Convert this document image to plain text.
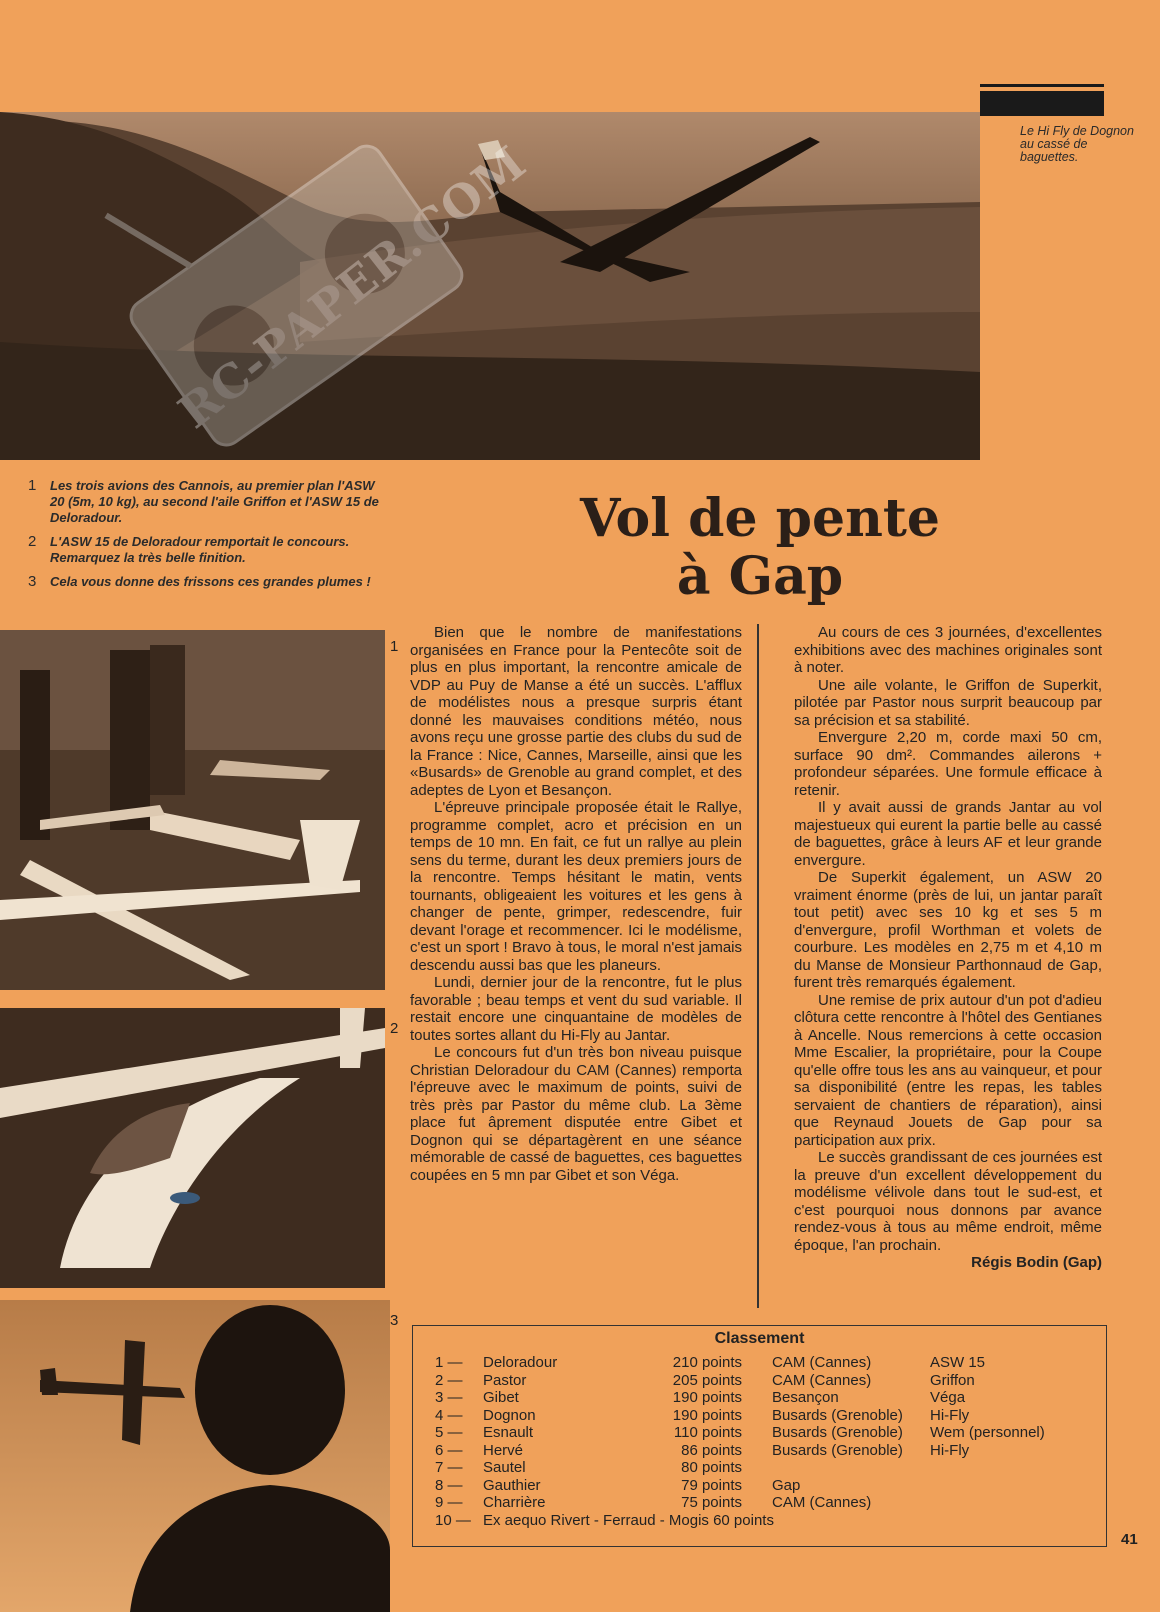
RC-PAPER.COM
Le Hi Fly de Dognon au cassé de baguettes.
1	Les trois avions des Cannois, au premier plan l'ASW 20 (5m, 10 kg), au second l'aile Griffon et l'ASW 15 de Deloradour.
2	L'ASW 15 de Deloradour remportait le concours. Remarquez la très belle finition.
3	Cela vous donne des frissons ces grandes plumes !
Vol de pente
à Gap
1
2
3

Bien que le nombre de manifestations organisées en France pour la Pentecôte soit de plus en plus important, la rencontre amicale de VDP au Puy de Manse a été un succès. L'afflux de modélistes nous a presque surpris étant donné les mauvaises conditions météo, nous avons reçu une grosse partie des clubs du sud de la France : Nice, Cannes, Marseille, ainsi que les «Busards» de Grenoble au grand complet, et des adeptes de Lyon et Besançon.

L'épreuve principale proposée était le Rallye, programme complet, acro et précision en un temps de 10 mn. En fait, ce fut un rallye au plein sens du terme, durant les deux premiers jours de la rencontre. Temps hésitant le matin, vents tournants, obligeaient les voitures et les gens à changer de pente, grimper, redescendre, fuir devant l'orage et recommencer. Ici le modélisme, c'est un sport ! Bravo à tous, le moral n'est jamais descendu aussi bas que les planeurs.

Lundi, dernier jour de la rencontre, fut le plus favorable ; beau temps et vent du sud variable. Il restait encore une cinquantaine de modèles de toutes sortes allant du Hi-Fly au Jantar.

Le concours fut d'un très bon niveau puisque Christian Deloradour du CAM (Cannes) remporta l'épreuve avec le maximum de points, suivi de très près par Pastor du même club. La 3ème place fut âprement disputée entre Gibet et Dognon qui se départagèrent en une séance mémorable de cassé de baguettes, ces baguettes coupées en 5 mn par Gibet et son Véga.

Au cours de ces 3 journées, d'excellentes exhibitions avec des machines originales sont à noter.

Une aile volante, le Griffon de Superkit, pilotée par Pastor nous surprit beaucoup par sa précision et sa stabilité.

Envergure 2,20 m, corde maxi 50 cm, surface 90 dm². Commandes ailerons + profondeur séparées. Une formule efficace à retenir.

Il y avait aussi de grands Jantar au vol majestueux qui eurent la partie belle au cassé de baguettes, grâce à leurs AF et leur grande envergure.

De Superkit également, un ASW 20 vraiment énorme (près de lui, un jantar paraît tout petit) avec ses 10 kg et ses 5 m d'envergure, profil Worthman et volets de courbure. Les modèles en 2,75 m et 4,10 m du Manse de Monsieur Parthonnaud de Gap, furent très remarqués également.

Une remise de prix autour d'un pot d'adieu clôtura cette rencontre à l'hôtel des Gentianes à Ancelle. Nous remercions à cette occasion Mme Escalier, la propriétaire, pour la Coupe qu'elle offre tous les ans au vainqueur, et pour sa disponibilité (entre les repas, les tables servaient de chantiers de réparation), ainsi que Reynaud Jouets de Gap pour sa participation aux prix.

Le succès grandissant de ces journées est la preuve d'un excellent développement du modélisme vélivole dans tout le sud-est, et c'est pourquoi nous donnons par avance rendez-vous à tous au même endroit, même époque, l'an prochain.

Régis Bodin (Gap)
Classement
1 —	Deloradour	210 points	CAM (Cannes)	ASW 15
2 —	Pastor	205 points	CAM (Cannes)	Griffon
3 —	Gibet	190 points	Besançon	Véga
4 —	Dognon	190 points	Busards (Grenoble)	Hi-Fly
5 —	Esnault	110 points	Busards (Grenoble)	Wem (personnel)
6 —	Hervé	86 points	Busards (Grenoble)	Hi-Fly
7 —	Sautel	80 points
8 —	Gauthier	79 points	Gap
9 —	Charrière	75 points	CAM (Cannes)
10 — Ex aequo Rivert - Ferraud - Mogis 60 points
41
